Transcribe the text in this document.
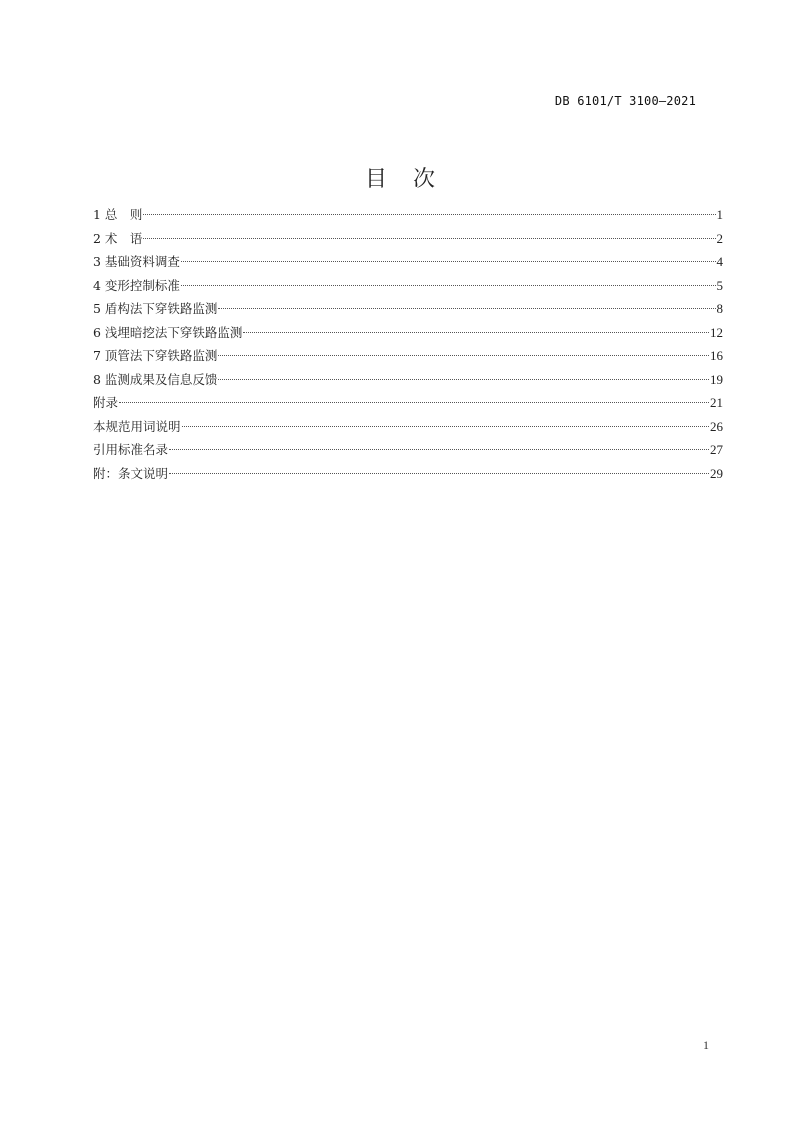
DB 6101/T 3100—2021
目 次
1 总　则	1
2 术　语	2
3 基础资料调查	4
4 变形控制标准	5
5 盾构法下穿铁路监测	8
6 浅埋暗挖法下穿铁路监测	12
7 顶管法下穿铁路监测	16
8 监测成果及信息反馈	19
附录	21
本规范用词说明	26
引用标准名录	27
附：条文说明	29
1
